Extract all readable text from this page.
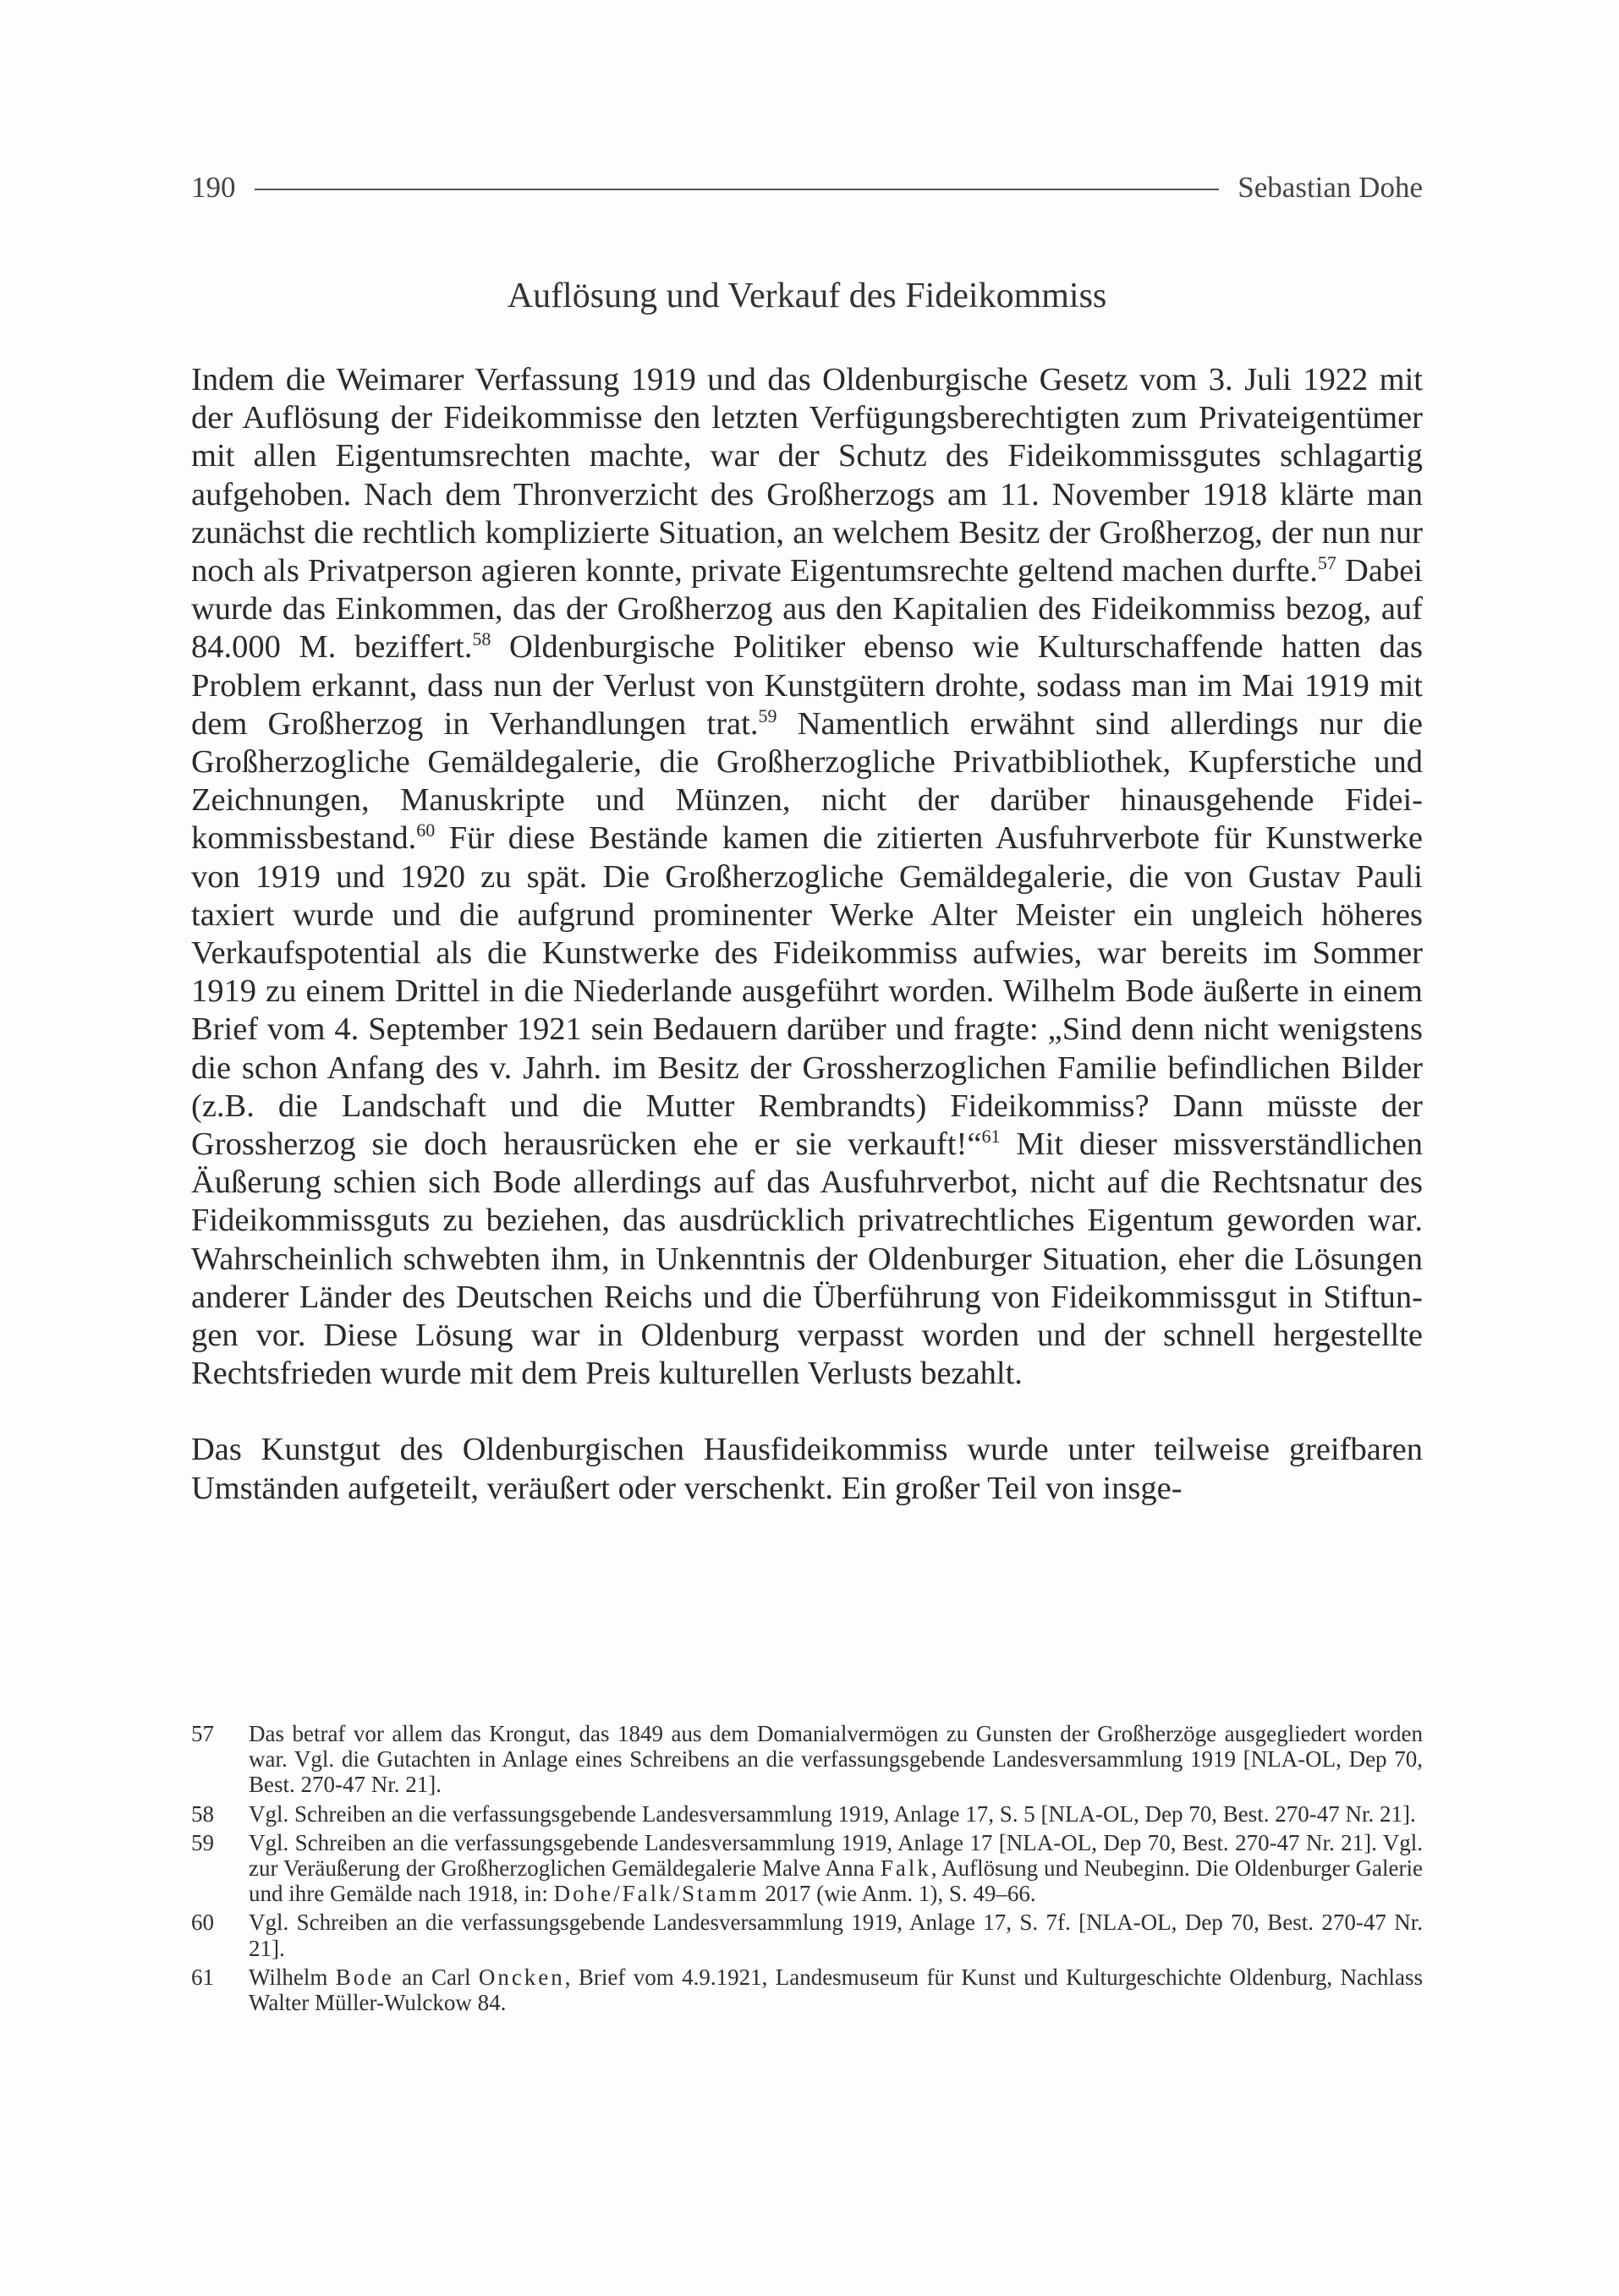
190	Sebastian Dohe
Auflösung und Verkauf des Fideikommiss

Indem die Weimarer Verfassung 1919 und das Oldenburgische Gesetz vom 3. Juli 1922 mit der Auflösung der Fideikommisse den letzten Verfügungsberechtigten zum Privateigentümer mit allen Eigentumsrechten machte, war der Schutz des Fideikommissgutes schlagartig aufgehoben. Nach dem Thronverzicht des Großherzogs am 11. November 1918 klärte man zunächst die rechtlich komplizierte Situation, an welchem Besitz der Großherzog, der nun nur noch als Privatperson agieren konnte, private Eigentumsrechte geltend machen durfte.$^{57}$ Dabei wurde das Einkommen, das der Großherzog aus den Kapitalien des Fideikommiss bezog, auf 84.000 M. beziffert.$^{58}$ Oldenburgische Politiker ebenso wie Kulturschaffende hatten das Problem erkannt, dass nun der Verlust von Kunstgütern drohte, sodass man im Mai 1919 mit dem Großherzog in Verhandlungen trat.$^{59}$ Namentlich erwähnt sind allerdings nur die Großherzogliche Gemäldegalerie, die Großherzogliche Privatbibliothek, Kupferstiche und Zeichnungen, Manuskripte und Münzen, nicht der darüber hinausgehende Fideikommissbestand.$^{60}$ Für diese Bestände kamen die zitierten Ausfuhrverbote für Kunstwerke von 1919 und 1920 zu spät. Die Großherzogliche Gemäldegalerie, die von Gustav Pauli taxiert wurde und die aufgrund prominenter Werke Alter Meister ein ungleich höheres Verkaufspotential als die Kunstwerke des Fideikommiss aufwies, war bereits im Sommer 1919 zu einem Drittel in die Niederlande ausgeführt worden. Wilhelm Bode äußerte in einem Brief vom 4. September 1921 sein Bedauern darüber und fragte: „Sind denn nicht wenigstens die schon Anfang des v. Jahrh. im Besitz der Grossherzoglichen Familie befindlichen Bilder (z.B. die Landschaft und die Mutter Rembrandts) Fideikommiss? Dann müsste der Grossherzog sie doch herausrücken ehe er sie verkauft!“$^{61}$ Mit dieser missverständlichen Äußerung schien sich Bode allerdings auf das Ausfuhrverbot, nicht auf die Rechtsnatur des Fideikommissguts zu beziehen, das ausdrücklich privatrechtliches Eigentum geworden war. Wahrscheinlich schwebten ihm, in Unkenntnis der Oldenburger Situation, eher die Lösungen anderer Länder des Deutschen Reichs und die Überführung von Fideikommissgut in Stiftungen vor. Diese Lösung war in Oldenburg verpasst worden und der schnell hergestellte Rechtsfrieden wurde mit dem Preis kulturellen Verlusts bezahlt.

Das Kunstgut des Oldenburgischen Hausfideikommiss wurde unter teilweise greifbaren Umständen aufgeteilt, veräußert oder verschenkt. Ein großer Teil von insge-

57	Das betraf vor allem das Krongut, das 1849 aus dem Domanialvermögen zu Gunsten der Großherzöge ausgegliedert worden war. Vgl. die Gutachten in Anlage eines Schreibens an die verfassungsgebende Landesversammlung 1919 [NLA-OL, Dep 70, Best. 270-47 Nr. 21].
58	Vgl. Schreiben an die verfassungsgebende Landesversammlung 1919, Anlage 17, S. 5 [NLA-OL, Dep 70, Best. 270-47 Nr. 21].
59	Vgl. Schreiben an die verfassungsgebende Landesversammlung 1919, Anlage 17 [NLA-OL, Dep 70, Best. 270-47 Nr. 21]. Vgl. zur Veräußerung der Großherzoglichen Gemäldegalerie Malve Anna Falk, Auflösung und Neubeginn. Die Oldenburger Galerie und ihre Gemälde nach 1918, in: Dohe/Falk/Stamm 2017 (wie Anm. 1), S. 49–66.
60	Vgl. Schreiben an die verfassungsgebende Landesversammlung 1919, Anlage 17, S. 7f. [NLA-OL, Dep 70, Best. 270-47 Nr. 21].
61	Wilhelm Bode an Carl Oncken, Brief vom 4.9.1921, Landesmuseum für Kunst und Kulturgeschichte Oldenburg, Nachlass Walter Müller-Wulckow 84.
